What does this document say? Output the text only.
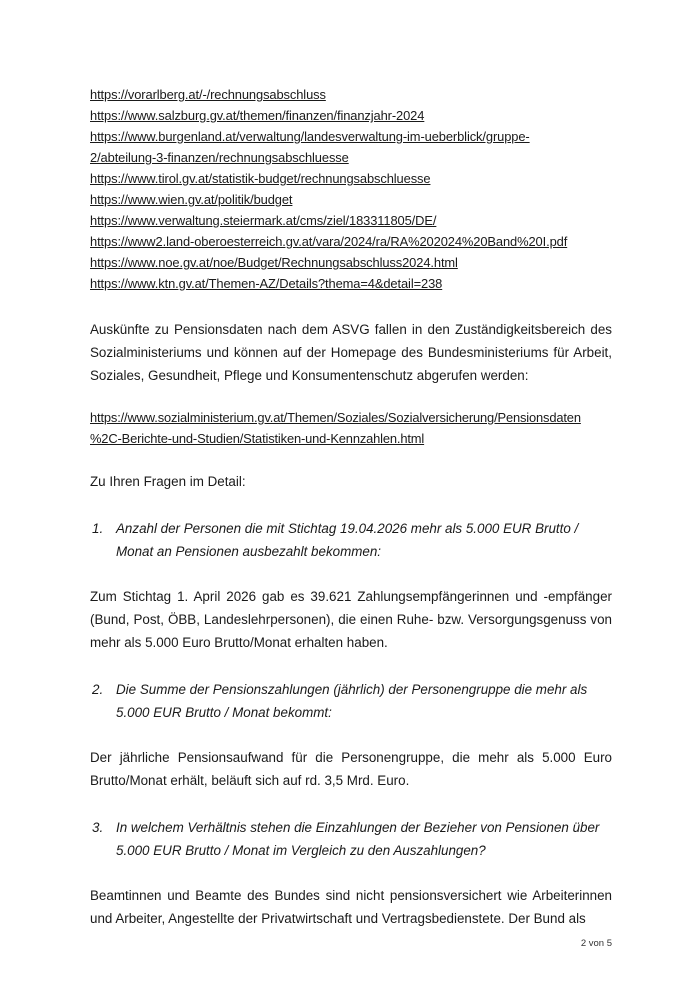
https://vorarlberg.at/-/rechnungsabschluss
https://www.salzburg.gv.at/themen/finanzen/finanzjahr-2024
https://www.burgenland.at/verwaltung/landesverwaltung-im-ueberblick/gruppe-
2/abteilung-3-finanzen/rechnungsabschluesse
https://www.tirol.gv.at/statistik-budget/rechnungsabschluesse
https://www.wien.gv.at/politik/budget
https://www.verwaltung.steiermark.at/cms/ziel/183311805/DE/
https://www2.land-oberoesterreich.gv.at/vara/2024/ra/RA%202024%20Band%20I.pdf
https://www.noe.gv.at/noe/Budget/Rechnungsabschluss2024.html
https://www.ktn.gv.at/Themen-AZ/Details?thema=4&detail=238

Auskünfte zu Pensionsdaten nach dem ASVG fallen in den Zuständigkeitsbereich des Sozialministeriums und können auf der Homepage des Bundesministeriums für Arbeit, Soziales, Gesundheit, Pflege und Konsumentenschutz abgerufen werden:

https://www.sozialministerium.gv.at/Themen/Soziales/Sozialversicherung/Pensionsdaten
%2C-Berichte-und-Studien/Statistiken-und-Kennzahlen.html

Zu Ihren Fragen im Detail:

1. Anzahl der Personen die mit Stichtag 19.04.2026 mehr als 5.000 EUR Brutto / Monat an Pensionen ausbezahlt bekommen:

Zum Stichtag 1. April 2026 gab es 39.621 Zahlungsempfängerinnen und -empfänger (Bund, Post, ÖBB, Landeslehrpersonen), die einen Ruhe- bzw. Versorgungsgenuss von mehr als 5.000 Euro Brutto/Monat erhalten haben.

2. Die Summe der Pensionszahlungen (jährlich) der Personengruppe die mehr als 5.000 EUR Brutto / Monat bekommt:

Der jährliche Pensionsaufwand für die Personengruppe, die mehr als 5.000 Euro Brutto/Monat erhält, beläuft sich auf rd. 3,5 Mrd. Euro.

3. In welchem Verhältnis stehen die Einzahlungen der Bezieher von Pensionen über 5.000 EUR Brutto / Monat im Vergleich zu den Auszahlungen?

Beamtinnen und Beamte des Bundes sind nicht pensionsversichert wie Arbeiterinnen und Arbeiter, Angestellte der Privatwirtschaft und Vertragsbedienstete. Der Bund als

2 von 5
